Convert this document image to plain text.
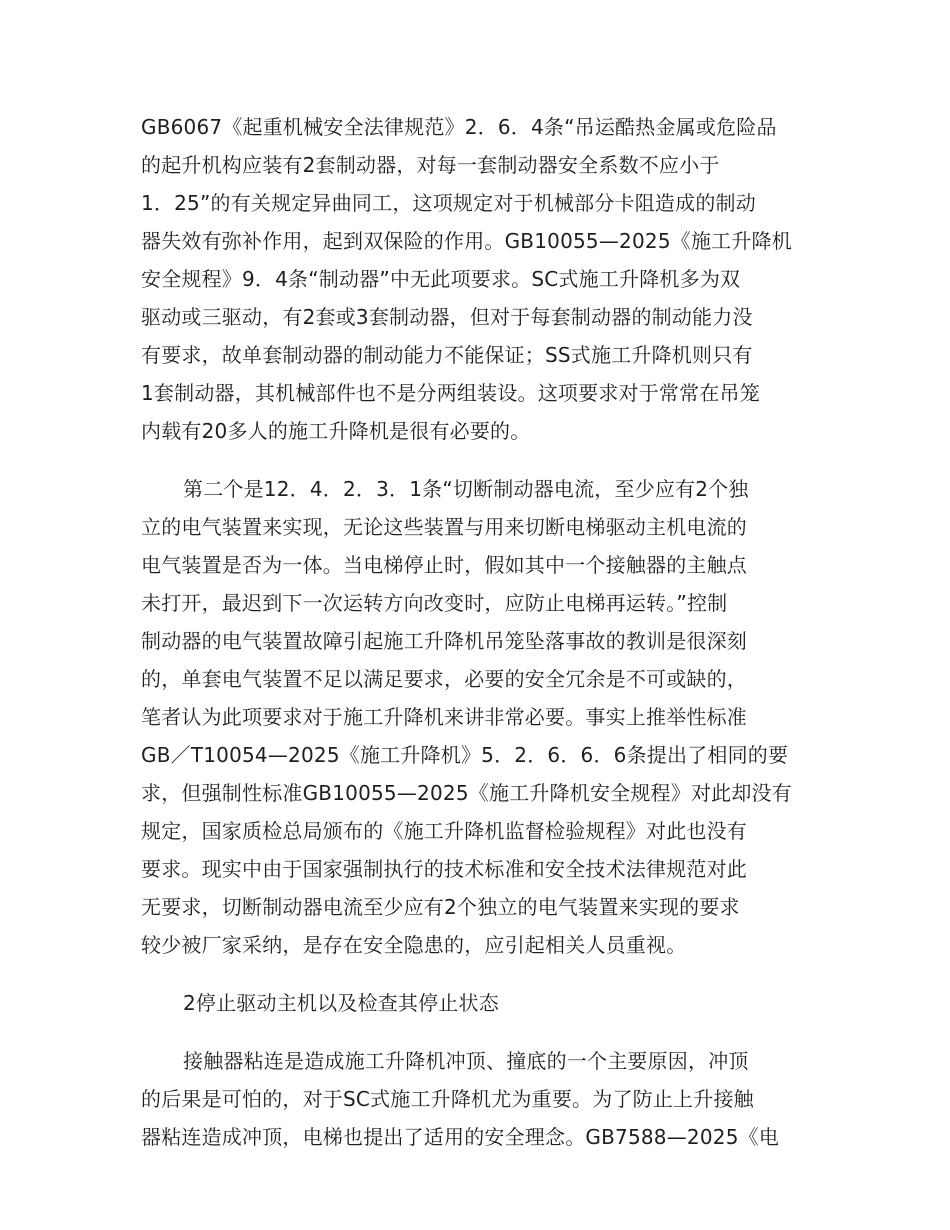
GB6067《起重机械安全法律规范》2．6．4条“吊运酷热金属或危险品
的起升机构应装有2套制动器，对每一套制动器安全系数不应小于
1．25”的有关规定异曲同工，这项规定对于机械部分卡阻造成的制动
器失效有弥补作用，起到双保险的作用。GB10055—2025《施工升降机
安全规程》9．4条“制动器”中无此项要求。SC式施工升降机多为双
驱动或三驱动，有2套或3套制动器，但对于每套制动器的制动能力没
有要求，故单套制动器的制动能力不能保证；SS式施工升降机则只有
1套制动器，其机械部件也不是分两组装设。这项要求对于常常在吊笼
内载有20多人的施工升降机是很有必要的。
第二个是12．4．2．3．1条“切断制动器电流，至少应有2个独
立的电气装置来实现，无论这些装置与用来切断电梯驱动主机电流的
电气装置是否为一体。当电梯停止时，假如其中一个接触器的主触点
未打开，最迟到下一次运转方向改变时，应防止电梯再运转。”控制
制动器的电气装置故障引起施工升降机吊笼坠落事故的教训是很深刻
的，单套电气装置不足以满足要求，必要的安全冗余是不可或缺的，
笔者认为此项要求对于施工升降机来讲非常必要。事实上推举性标准
GB／T10054—2025《施工升降机》5．2．6．6．6条提出了相同的要
求，但强制性标准GB10055—2025《施工升降机安全规程》对此却没有
规定，国家质检总局颁布的《施工升降机监督检验规程》对此也没有
要求。现实中由于国家强制执行的技术标准和安全技术法律规范对此
无要求，切断制动器电流至少应有2个独立的电气装置来实现的要求
较少被厂家采纳，是存在安全隐患的，应引起相关人员重视。
2停止驱动主机以及检查其停止状态
接触器粘连是造成施工升降机冲顶、撞底的一个主要原因，冲顶
的后果是可怕的，对于SC式施工升降机尤为重要。为了防止上升接触
器粘连造成冲顶，电梯也提出了适用的安全理念。GB7588—2025《电
